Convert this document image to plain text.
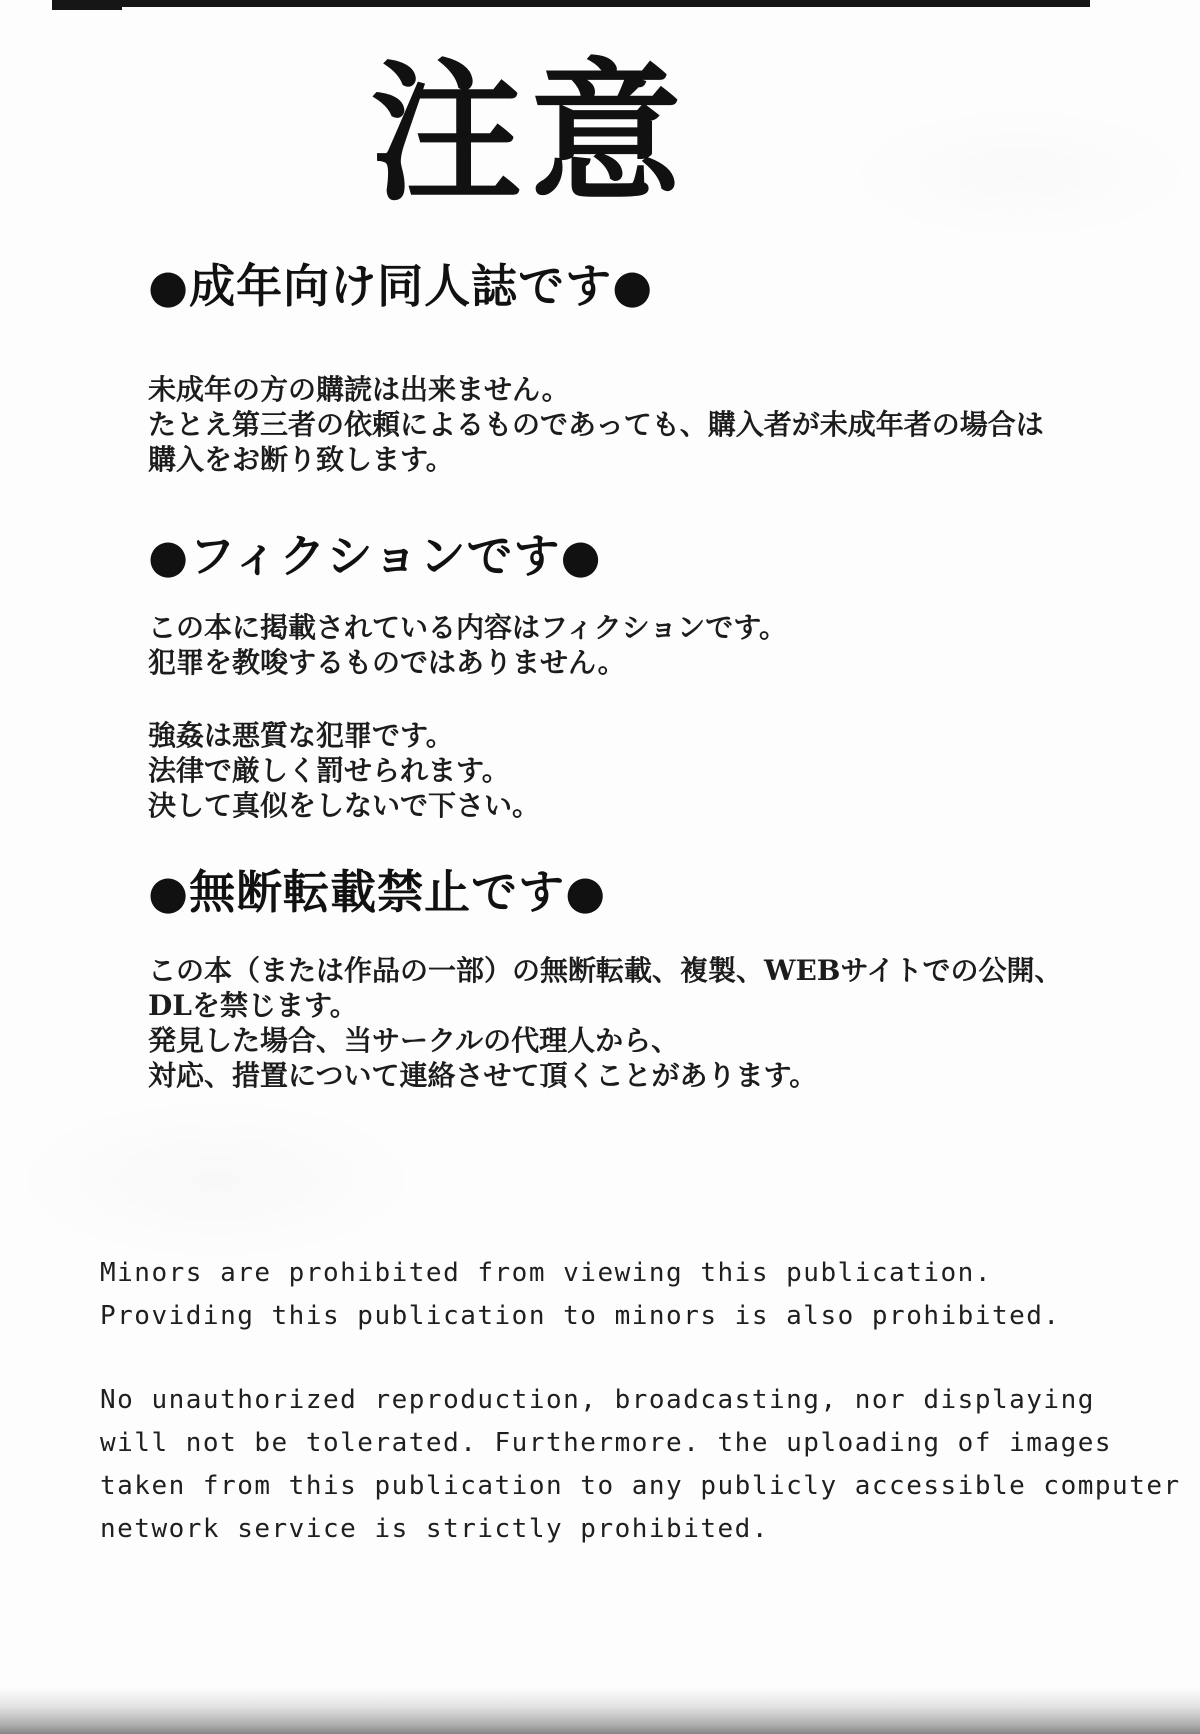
注意
●成年向け同人誌です●
未成年の方の購読は出来ません。
たとえ第三者の依頼によるものであっても、購入者が未成年者の場合は
購入をお断り致します。
●フィクションです●
この本に掲載されている内容はフィクションです。
犯罪を教唆するものではありません。
強姦は悪質な犯罪です。
法律で厳しく罰せられます。
決して真似をしないで下さい。
●無断転載禁止です●
この本（または作品の一部）の無断転載、複製、WEBサイトでの公開、
DLを禁じます。
発見した場合、当サークルの代理人から、
対応、措置について連絡させて頂くことがあります。
Minors are prohibited from viewing this publication.
Providing this publication to minors is also prohibited.
No unauthorized reproduction, broadcasting, nor displaying
will not be tolerated. Furthermore. the uploading of images
taken from this publication to any publicly accessible computer
network service is strictly prohibited.
